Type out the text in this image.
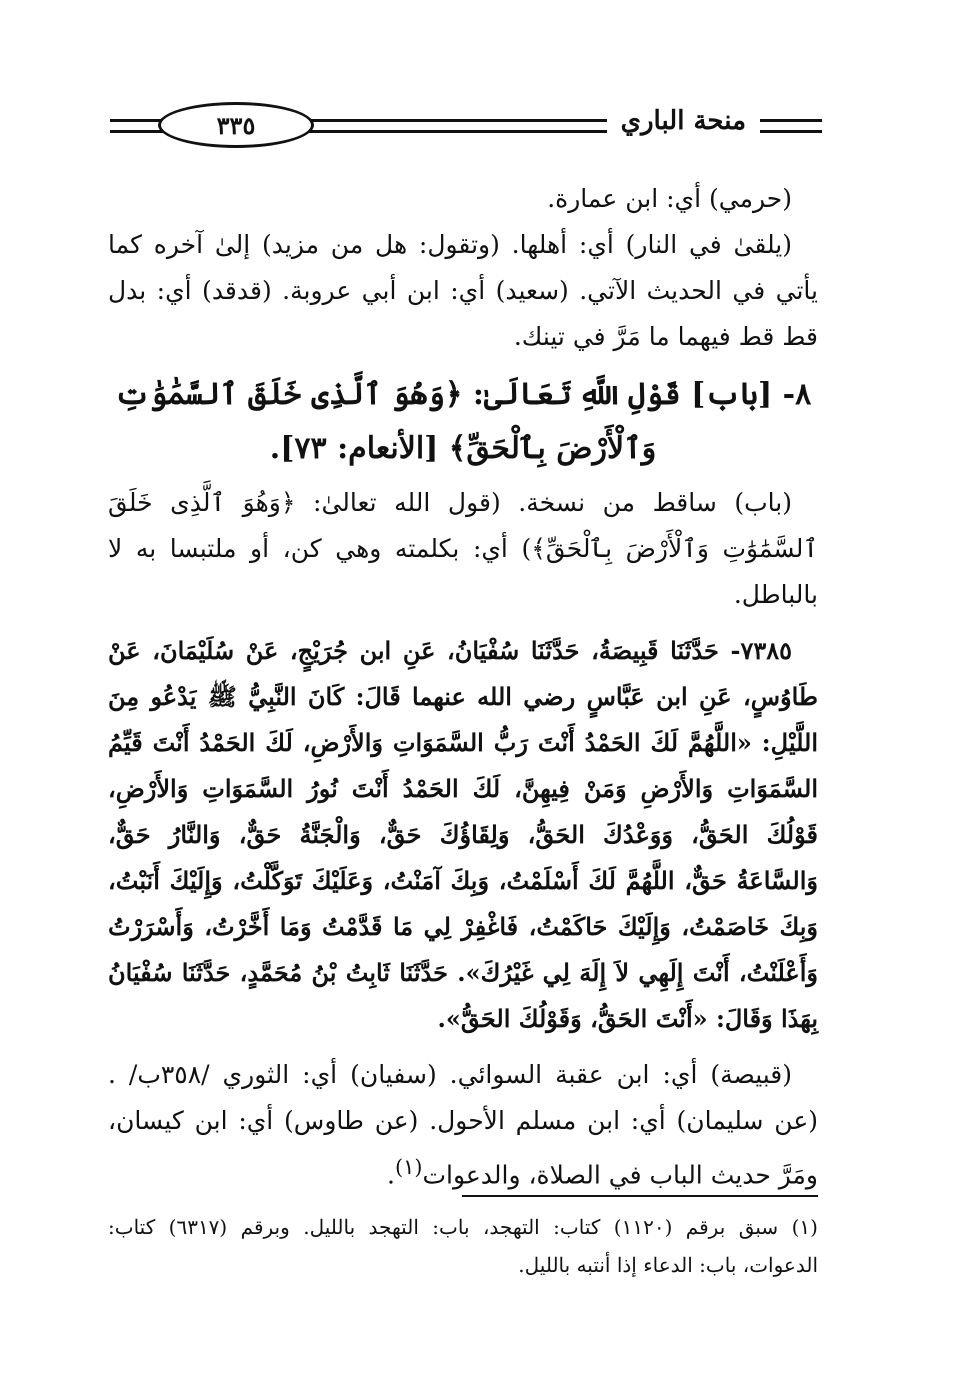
منحة الباري
٣٣٥

(حرمي) أي: ابن عمارة.

(يلقىٰ في النار) أي: أهلها. (وتقول: هل من مزيد) إلىٰ آخره كما يأتي في الحديث الآتي. (سعيد) أي: ابن أبي عروبة. (قدقد) أي: بدل قط قط فيهما ما مَرَّ في تينك.

٨- [باب] قَوْلِ اللَّهِ تَعَالَىٰ: ﴿وَهُوَ ٱلَّذِى خَلَقَ ٱلسَّمَٰوَٰتِ
وَٱلْأَرْضَ بِٱلْحَقِّ﴾ [الأنعام: ٧٣].

(باب) ساقط من نسخة. (قول الله تعالىٰ: ﴿وَهُوَ ٱلَّذِى خَلَقَ ٱلسَّمَٰوَٰتِ وَٱلْأَرْضَ بِٱلْحَقِّ﴾) أي: بكلمته وهي كن، أو ملتبسا به لا بالباطل.

٧٣٨٥- حَدَّثَنَا قَبِيصَةُ، حَدَّثَنَا سُفْيَانُ، عَنِ ابن جُرَيْجٍ، عَنْ سُلَيْمَانَ، عَنْ طَاوُسٍ، عَنِ ابن عَبَّاسٍ رضي الله عنهما قَالَ: كَانَ النَّبِيُّ ﷺ يَدْعُو مِنَ اللَّيْلِ: «اللَّهُمَّ لَكَ الحَمْدُ أَنْتَ رَبُّ السَّمَوَاتِ وَالأَرْضِ، لَكَ الحَمْدُ أَنْتَ قَيِّمُ السَّمَوَاتِ وَالأَرْضِ وَمَنْ فِيهِنَّ، لَكَ الحَمْدُ أَنْتَ نُورُ السَّمَوَاتِ وَالأَرْضِ، قَوْلُكَ الحَقُّ، وَوَعْدُكَ الحَقُّ، وَلِقَاؤُكَ حَقٌّ، وَالْجَنَّةُ حَقٌّ، وَالنَّارُ حَقٌّ، وَالسَّاعَةُ حَقٌّ، اللَّهُمَّ لَكَ أَسْلَمْتُ، وَبِكَ آمَنْتُ، وَعَلَيْكَ تَوَكَّلْتُ، وَإِلَيْكَ أَنَبْتُ، وَبِكَ خَاصَمْتُ، وَإِلَيْكَ حَاكَمْتُ، فَاغْفِرْ لِي مَا قَدَّمْتُ وَمَا أَخَّرْتُ، وَأَسْرَرْتُ وَأَعْلَنْتُ، أَنْتَ إِلَهِي لاَ إِلَهَ لِي غَيْرُكَ». حَدَّثَنَا ثَابِتُ بْنُ مُحَمَّدٍ، حَدَّثَنَا سُفْيَانُ بِهَذَا وَقَالَ: «أَنْتَ الحَقُّ، وَقَوْلُكَ الحَقُّ».

(قبيصة) أي: ابن عقبة السوائي. (سفيان) أي: الثوري /٣٥٨ب/ . (عن سليمان) أي: ابن مسلم الأحول. (عن طاوس) أي: ابن كيسان، ومَرَّ حديث الباب في الصلاة، والدعوات$^{(١)}$.

(١) سبق برقم (١١٢٠) كتاب: التهجد، باب: التهجد بالليل. وبرقم (٦٣١٧) كتاب: الدعوات، باب: الدعاء إذا أنتبه بالليل.
